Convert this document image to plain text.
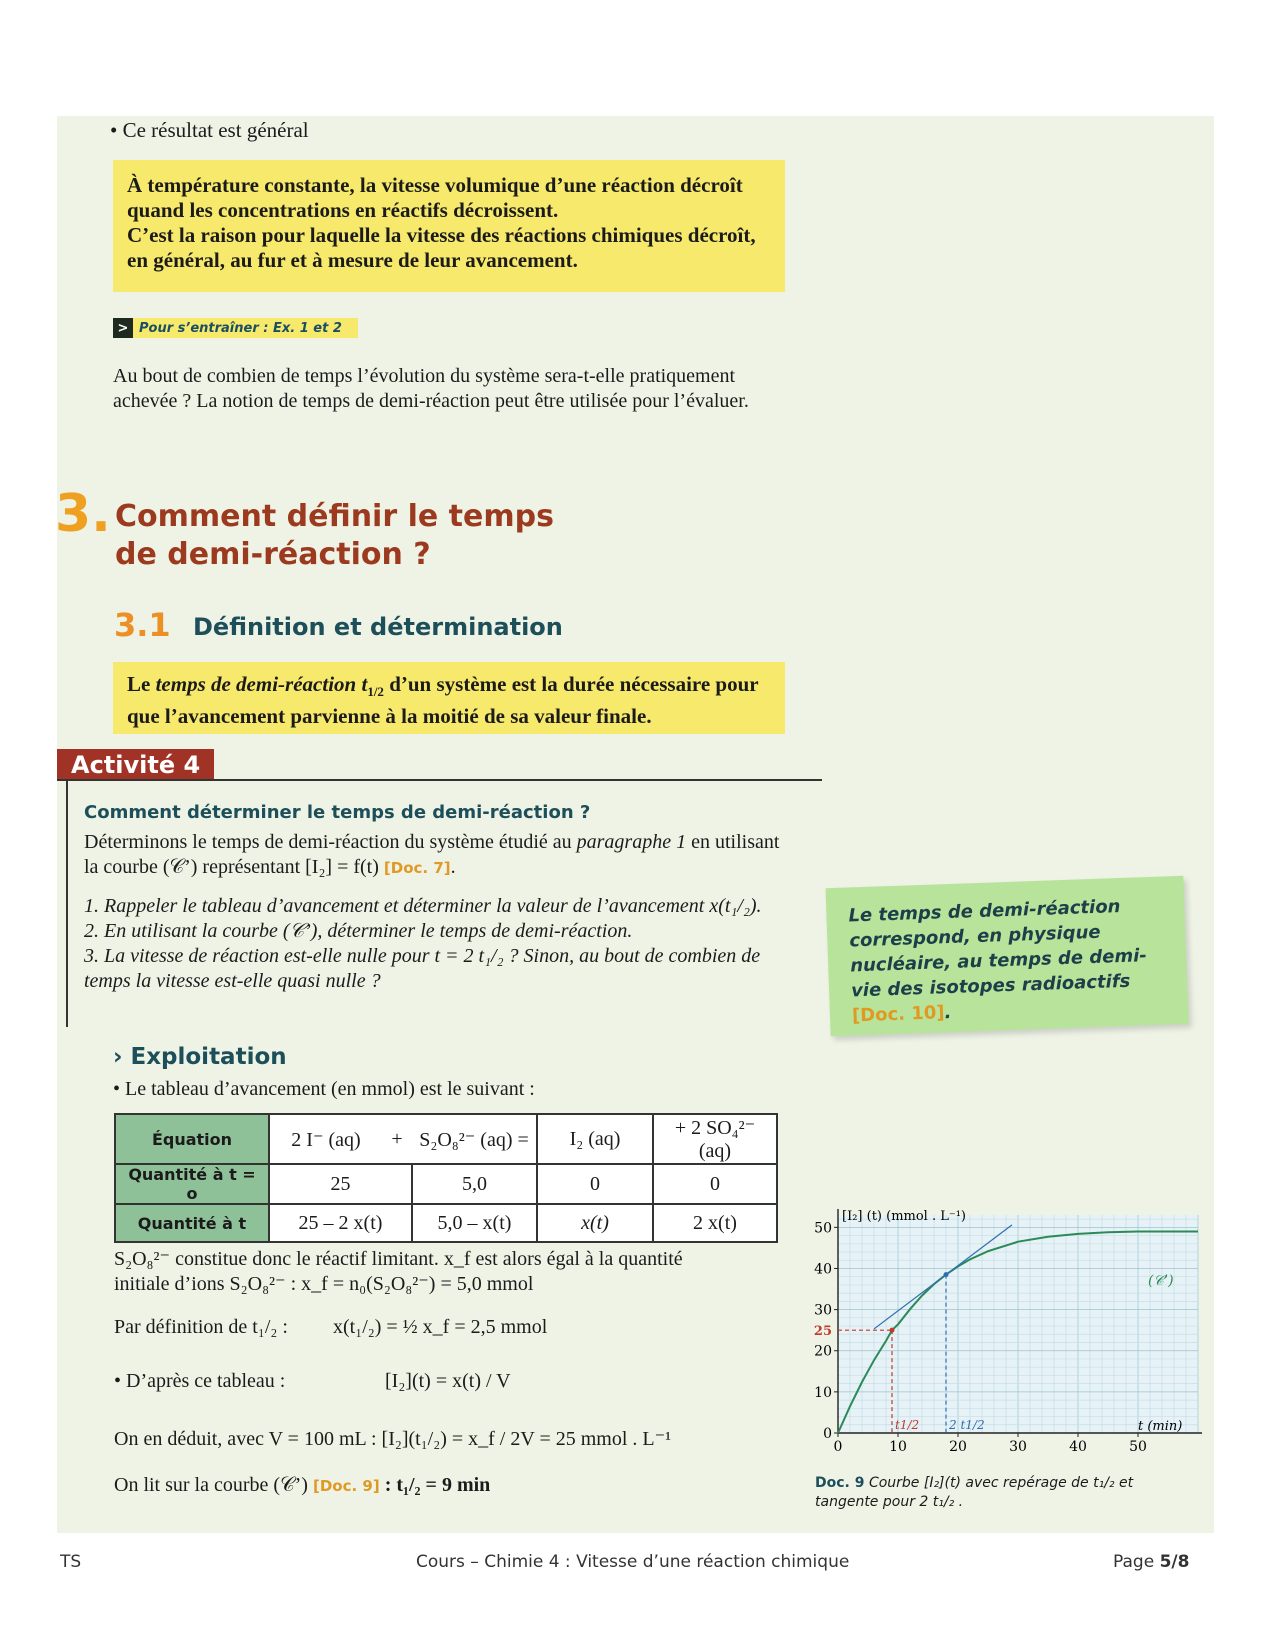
• Ce résultat est général
À température constante, la vitesse volumique d’une réaction décroît quand les concentrations en réactifs décroissent.
C’est la raison pour laquelle la vitesse des réactions chimiques décroît, en général, au fur et à mesure de leur avancement.
> Pour s’entraîner : Ex. 1 et 2
Au bout de combien de temps l’évolution du système sera-t-elle pratiquement achevée ? La notion de temps de demi-réaction peut être utilisée pour l’évaluer.
3. Comment définir le temps
de demi-réaction ?
3.1 Définition et détermination
Le temps de demi-réaction $t_{1/2}$ d’un système est la durée nécessaire pour que l’avancement parvienne à la moitié de sa valeur finale.
Activité 4
Comment déterminer le temps de demi-réaction ?
Déterminons le temps de demi-réaction du système étudié au paragraphe 1 en utilisant la courbe (𝒞’) représentant [I₂] = f(t) [Doc. 7].
1. Rappeler le tableau d’avancement et déterminer la valeur de l’avancement x(t₁/₂).
2. En utilisant la courbe (𝒞’), déterminer le temps de demi-réaction.
3. La vitesse de réaction est-elle nulle pour t = 2 t₁/₂ ? Sinon, au bout de combien de temps la vitesse est-elle quasi nulle ?
Le temps de demi-réaction correspond, en physique nucléaire, au temps de demi-vie des isotopes radioactifs [Doc. 10].
› Exploitation
• Le tableau d’avancement (en mmol) est le suivant :
Équation	2 I⁻ (aq)	+	S₂O₈²⁻ (aq) =	I₂ (aq)	+ 2 SO₄²⁻ (aq)
Quantité à t = o	25		5,0	0	0
Quantité à t	25 – 2 x(t)		5,0 – x(t)	x(t)	2 x(t)
S₂O₈²⁻ constitue donc le réactif limitant. x_f est alors égal à la quantité
initiale d’ions S₂O₈²⁻ : x_f = n₀(S₂O₈²⁻) = 5,0 mmol
Par définition de t₁/₂ : x(t₁/₂) = ½ x_f = 2,5 mmol
• D’après ce tableau :	[I₂](t) = x(t) / V
On en déduit, avec V = 100 mL : [I₂](t₁/₂) = x_f / 2V = 25 mmol . L⁻¹
On lit sur la courbe (𝒞’) [Doc. 9] : t₁/₂ = 9 min
0	10	20	30	40	50
0
10
20
30
40
50
25
t1/2 2 t1/2
[I₂] (t) (mmol . L⁻¹)
t (min)
(𝒞’)
Doc. 9 Courbe [I₂](t) avec repérage de t₁/₂ et tangente pour 2 t₁/₂ .
TS	Cours – Chimie 4 : Vitesse d’une réaction chimique	Page 5/8
